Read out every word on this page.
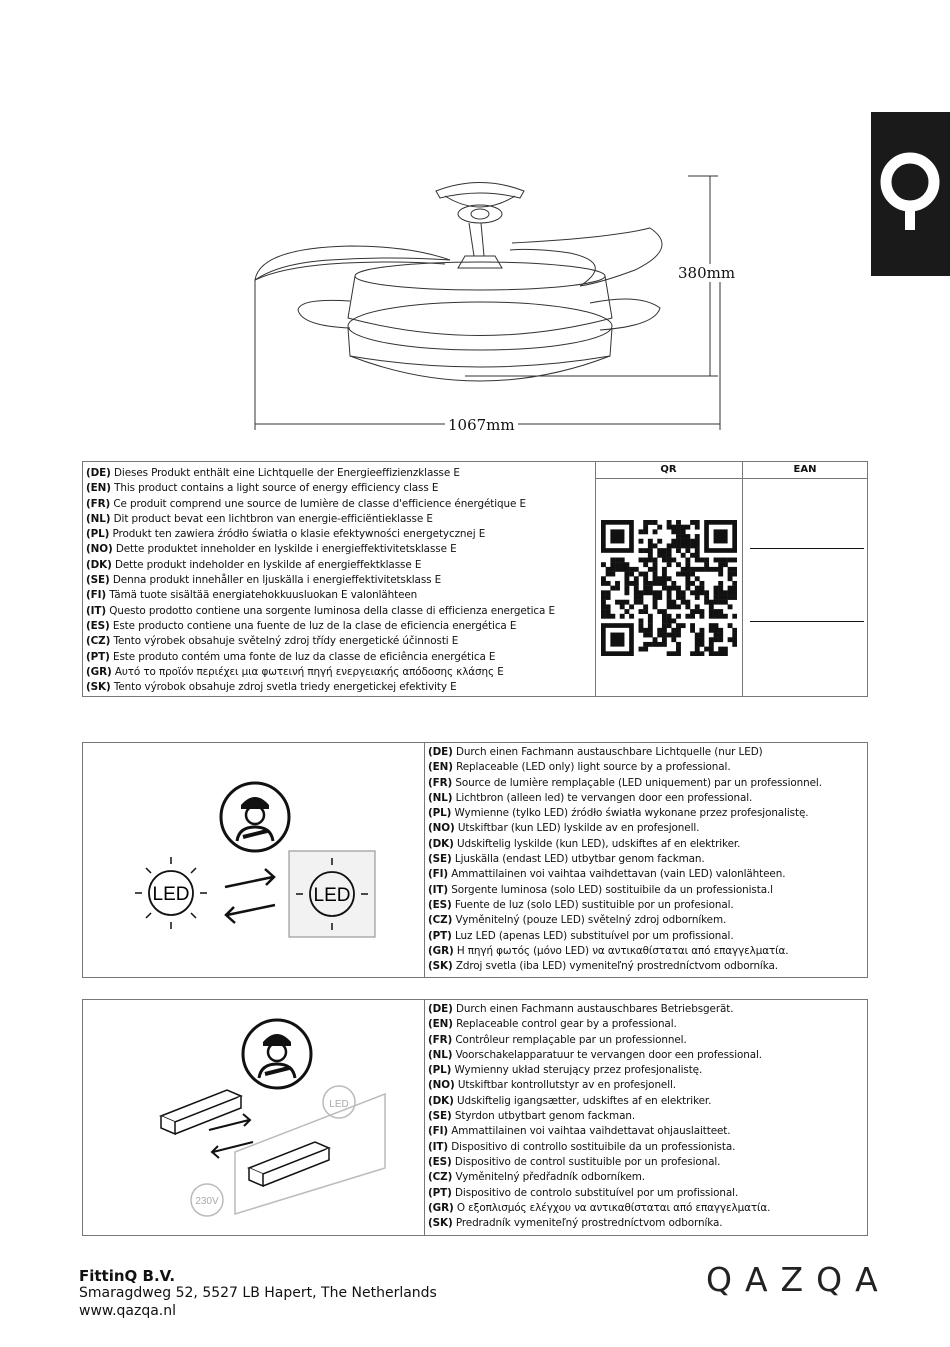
380mm
1067mm
(DE) Dieses Produkt enthält eine Lichtquelle der Energieeffizienzklasse E
(EN) This product contains a light source of energy efficiency class E
(FR) Ce produit comprend une source de lumière de classe d'efficience énergétique E
(NL) Dit product bevat een lichtbron van energie-efficiëntieklasse E
(PL) Produkt ten zawiera źródło światła o klasie efektywności energetycznej E
(NO) Dette produktet inneholder en lyskilde i energieffektivitetsklasse E
(DK) Dette produkt indeholder en lyskilde af energieffektklasse E
(SE) Denna produkt innehåller en ljuskälla i energieffektivitetsklass E
(FI) Tämä tuote sisältää energiatehokkuusluokan E valonlähteen
(IT) Questo prodotto contiene una sorgente luminosa della classe di efficienza energetica E
(ES) Este producto contiene una fuente de luz de la clase de eficiencia energética E
(CZ) Tento výrobek obsahuje světelný zdroj třídy energetické účinnosti E
(PT) Este produto contém uma fonte de luz da classe de eficiência energética E
(GR) Αυτό το προϊόν περιέχει μια φωτεινή πηγή ενεργειακής απόδοσης κλάσης E
(SK) Tento výrobok obsahuje zdroj svetla triedy energetickej efektivity E
QR	EAN
LED	LED
(DE) Durch einen Fachmann austauschbare Lichtquelle (nur LED)
(EN) Replaceable (LED only) light source by a professional.
(FR) Source de lumière remplaçable (LED uniquement) par un professionnel.
(NL) Lichtbron (alleen led) te vervangen door een professional.
(PL) Wymienne (tylko LED) źródło światła wykonane przez profesjonalistę.
(NO) Utskiftbar (kun LED) lyskilde av en profesjonell.
(DK) Udskiftelig lyskilde (kun LED), udskiftes af en elektriker.
(SE) Ljuskälla (endast LED) utbytbar genom fackman.
(FI) Ammattilainen voi vaihtaa vaihdettavan (vain LED) valonlähteen.
(IT) Sorgente luminosa (solo LED) sostituibile da un professionista.l
(ES) Fuente de luz (solo LED) sustituible por un profesional.
(CZ) Vyměnitelný (pouze LED) světelný zdroj odborníkem.
(PT) Luz LED (apenas LED) substituível por um profissional.
(GR) Η πηγή φωτός (μόνο LED) να αντικαθίσταται από επαγγελματία.
(SK) Zdroj svetla (iba LED) vymeniteľný prostredníctvom odborníka.
LED
230V
(DE) Durch einen Fachmann austauschbares Betriebsgerät.
(EN) Replaceable control gear by a professional.
(FR) Contrôleur remplaçable par un professionnel.
(NL) Voorschakelapparatuur te vervangen door een professional.
(PL) Wymienny układ sterujący przez profesjonalistę.
(NO) Utskiftbar kontrollutstyr av en profesjonell.
(DK) Udskiftelig igangsætter, udskiftes af en elektriker.
(SE) Styrdon utbytbart genom fackman.
(FI) Ammattilainen voi vaihtaa vaihdettavat ohjauslaitteet.
(IT) Dispositivo di controllo sostituibile da un professionista.
(ES) Dispositivo de control sustituible por un profesional.
(CZ) Vyměnitelný předřadník odborníkem.
(PT) Dispositivo de controlo substituível por um profissional.
(GR) Ο εξοπλισμός ελέγχου να αντικαθίσταται από επαγγελματία.
(SK) Predradník vymeniteľný prostredníctvom odborníka.
FittinQ B.V.
Smaragdweg 52, 5527 LB Hapert, The Netherlands
www.qazqa.nl
QAZQA
